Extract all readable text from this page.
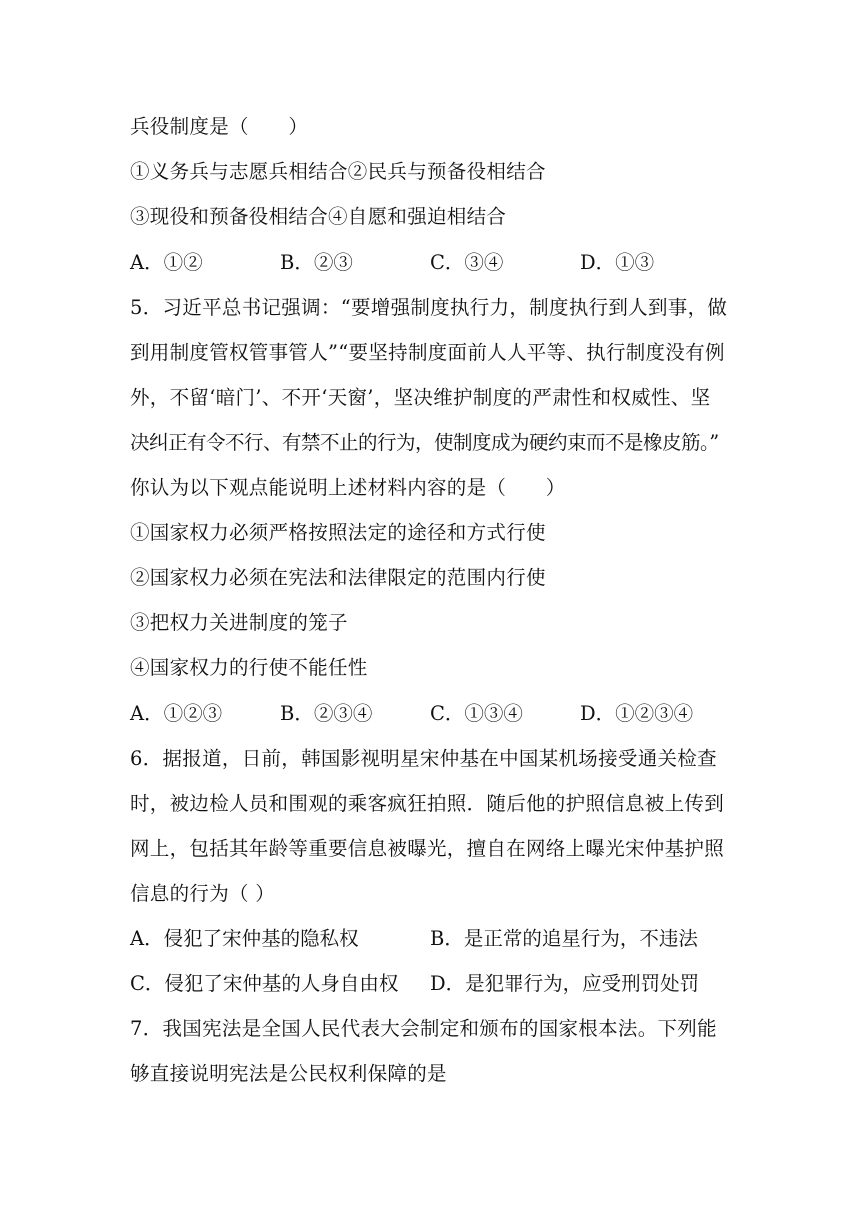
兵役制度是（　　）
①义务兵与志愿兵相结合②民兵与预备役相结合
③现役和预备役相结合④自愿和强迫相结合
A．①②	B．②③	C．③④	D．①③
5．习近平总书记强调：“要增强制度执行力，制度执行到人到事，做
到用制度管权管事管人”“要坚持制度面前人人平等、执行制度没有例
外，不留‘暗门’、不开‘天窗’，坚决维护制度的严肃性和权威性、坚
决纠正有令不行、有禁不止的行为，使制度成为硬约束而不是橡皮筋。”
你认为以下观点能说明上述材料内容的是（　　）
①国家权力必须严格按照法定的途径和方式行使
②国家权力必须在宪法和法律限定的范围内行使
③把权力关进制度的笼子
④国家权力的行使不能任性
A．①②③	B．②③④	C．①③④	D．①②③④
6．据报道，日前，韩国影视明星宋仲基在中国某机场接受通关检查
时，被边检人员和围观的乘客疯狂拍照．随后他的护照信息被上传到
网上，包括其年龄等重要信息被曝光，擅自在网络上曝光宋仲基护照
信息的行为（ ）
A．侵犯了宋仲基的隐私权	B．是正常的追星行为，不违法
C．侵犯了宋仲基的人身自由权 D．是犯罪行为，应受刑罚处罚
7．我国宪法是全国人民代表大会制定和颁布的国家根本法。下列能
够直接说明宪法是公民权利保障的是
